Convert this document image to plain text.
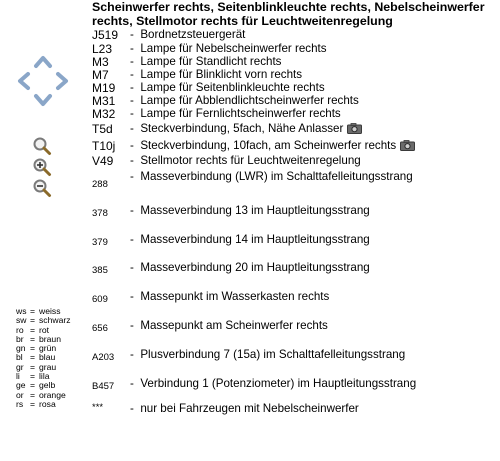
Scheinwerfer rechts, Seitenblinkleuchte rechts, Nebelscheinwerfer rechts, Stellmotor rechts für Leuchtweitenregelung
J519 - Bordnetzsteuergerät
L23 - Lampe für Nebelscheinwerfer rechts
M3 - Lampe für Standlicht rechts
M7 - Lampe für Blinklicht vorn rechts
M19 - Lampe für Seitenblinkleuchte rechts
M31 - Lampe für Abblendlichtscheinwerfer rechts
M32 - Lampe für Fernlichtscheinwerfer rechts
T5d - Steckverbindung, 5fach, Nähe Anlasser
T10j - Steckverbindung, 10fach, am Scheinwerfer rechts
V49 - Stellmotor rechts für Leuchtweitenregelung
288
- Masseverbindung (LWR) im Schalttafelleitungsstrang
378 - Masseverbindung 13 im Hauptleitungsstrang
379 - Masseverbindung 14 im Hauptleitungsstrang
385 - Masseverbindung 20 im Hauptleitungsstrang
609 - Massepunkt im Wasserkasten rechts
656 - Massepunkt am Scheinwerfer rechts
A203 - Plusverbindung 7 (15a) im Schalttafelleitungsstrang
B457 - Verbindung 1 (Potenziometer) im Hauptleitungsstrang
*** - nur bei Fahrzeugen mit Nebelscheinwerfer
ws = weiss
sw = schwarz
ro = rot
br = braun
gn = grün
bl = blau
gr = grau
li = lila
ge = gelb
or = orange
rs = rosa
